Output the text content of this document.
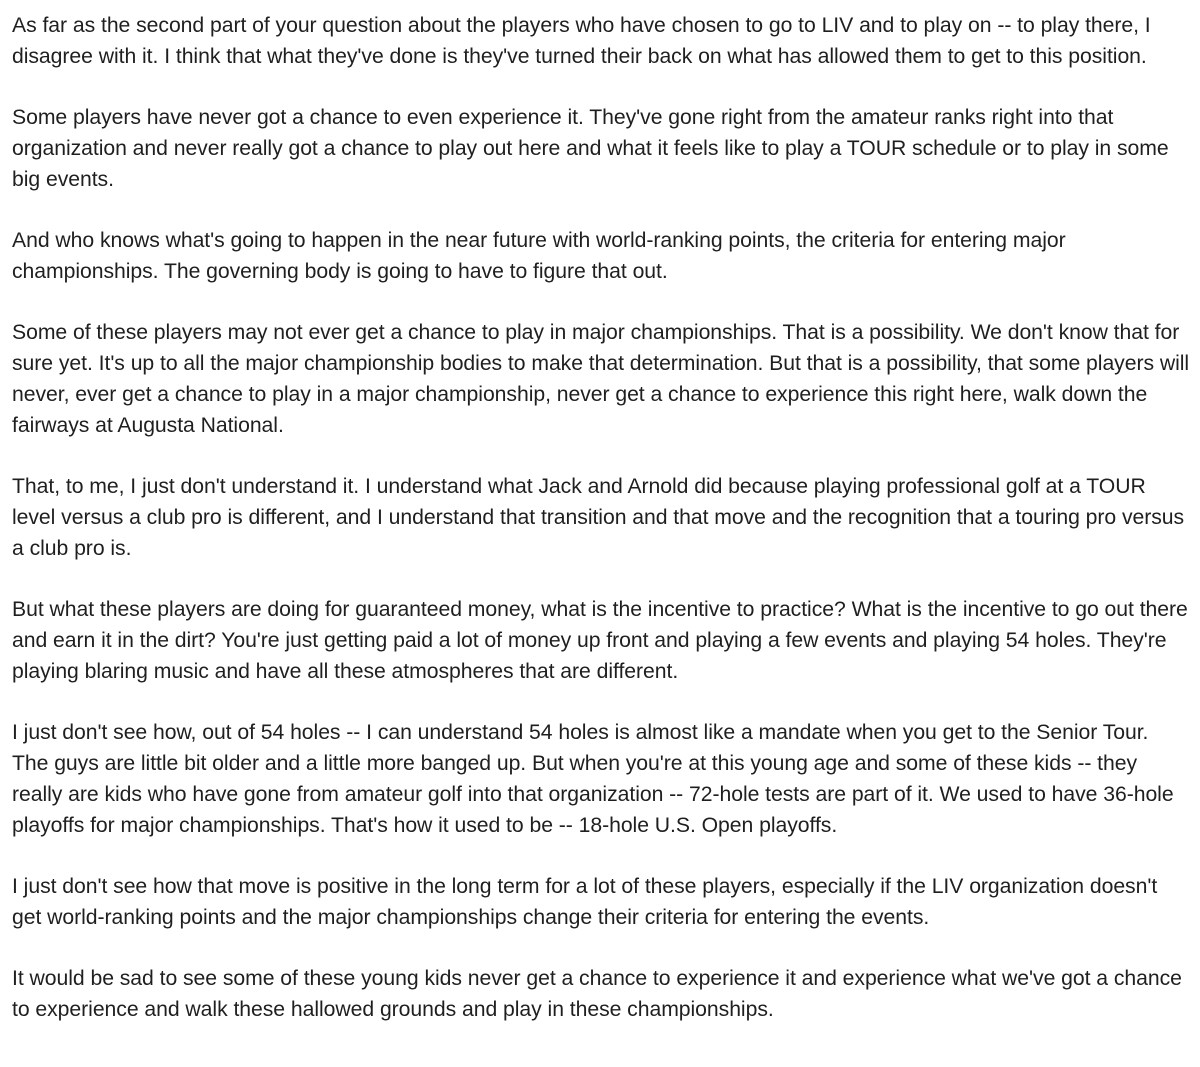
As far as the second part of your question about the players who have chosen to go to LIV and to play on -- to play there, I disagree with it. I think that what they've done is they've turned their back on what has allowed them to get to this position.

Some players have never got a chance to even experience it. They've gone right from the amateur ranks right into that organization and never really got a chance to play out here and what it feels like to play a TOUR schedule or to play in some big events.

And who knows what's going to happen in the near future with world-ranking points, the criteria for entering major championships. The governing body is going to have to figure that out.

Some of these players may not ever get a chance to play in major championships. That is a possibility. We don't know that for sure yet. It's up to all the major championship bodies to make that determination. But that is a possibility, that some players will never, ever get a chance to play in a major championship, never get a chance to experience this right here, walk down the fairways at Augusta National.

That, to me, I just don't understand it. I understand what Jack and Arnold did because playing professional golf at a TOUR level versus a club pro is different, and I understand that transition and that move and the recognition that a touring pro versus a club pro is.

But what these players are doing for guaranteed money, what is the incentive to practice? What is the incentive to go out there and earn it in the dirt? You're just getting paid a lot of money up front and playing a few events and playing 54 holes. They're playing blaring music and have all these atmospheres that are different.

I just don't see how, out of 54 holes -- I can understand 54 holes is almost like a mandate when you get to the Senior Tour. The guys are little bit older and a little more banged up. But when you're at this young age and some of these kids -- they really are kids who have gone from amateur golf into that organization -- 72-hole tests are part of it. We used to have 36-hole playoffs for major championships. That's how it used to be -- 18-hole U.S. Open playoffs.

I just don't see how that move is positive in the long term for a lot of these players, especially if the LIV organization doesn't get world-ranking points and the major championships change their criteria for entering the events.

It would be sad to see some of these young kids never get a chance to experience it and experience what we've got a chance to experience and walk these hallowed grounds and play in these championships.
